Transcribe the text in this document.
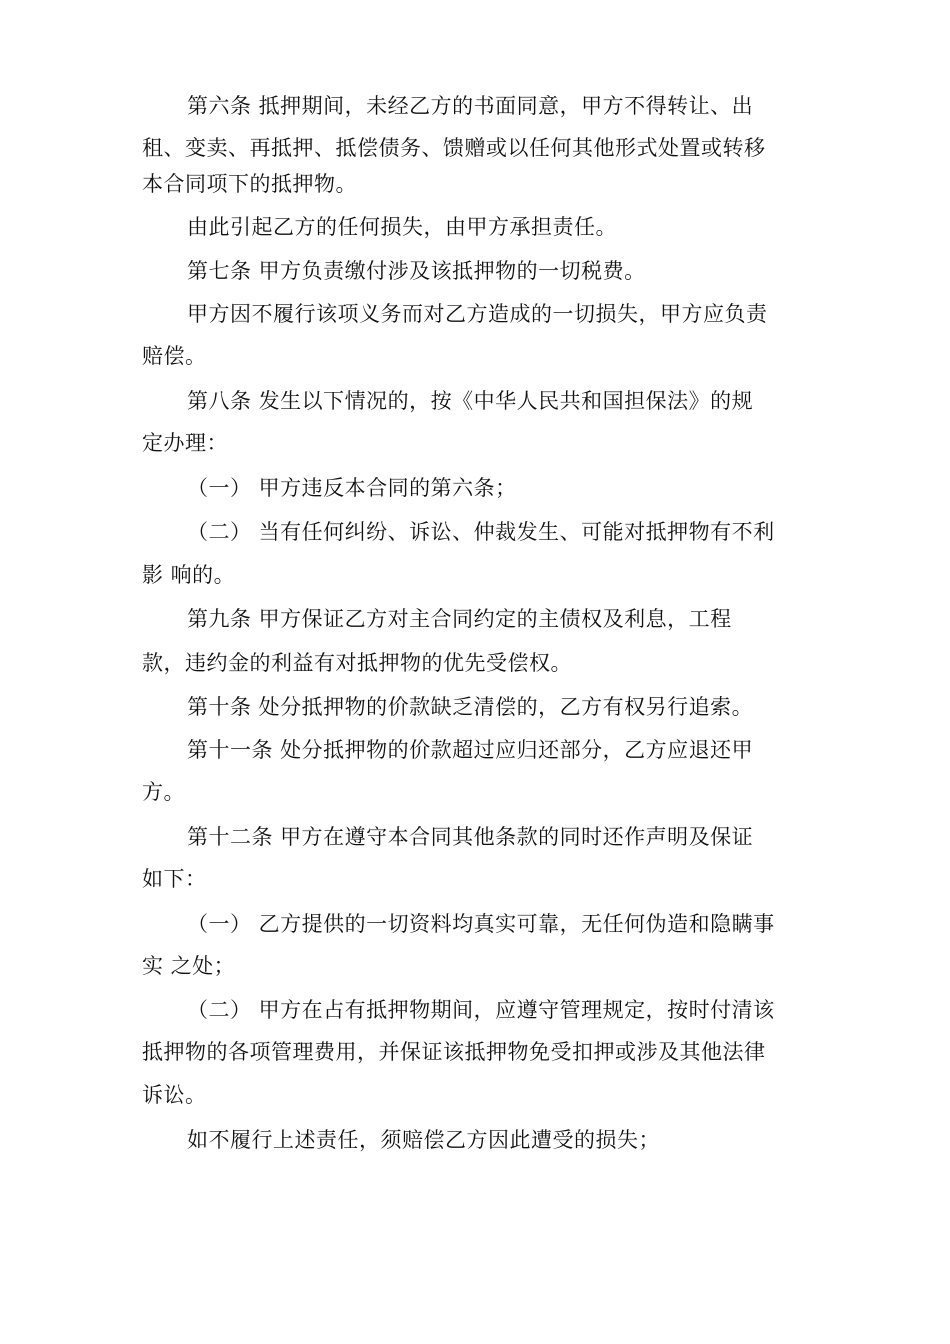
第六条 抵押期间，未经乙方的书面同意，甲方不得转让、出
租、变卖、再抵押、抵偿债务、馈赠或以任何其他形式处置或转移
本合同项下的抵押物。
由此引起乙方的任何损失，由甲方承担责任。
第七条 甲方负责缴付涉及该抵押物的一切税费。
甲方因不履行该项义务而对乙方造成的一切损失，甲方应负责
赔偿。
第八条 发生以下情况的，按《中华人民共和国担保法》的规
定办理：
（一） 甲方违反本合同的第六条；
（二） 当有任何纠纷、诉讼、仲裁发生、可能对抵押物有不利
影 响的。
第九条 甲方保证乙方对主合同约定的主债权及利息，工程
款，违约金的利益有对抵押物的优先受偿权。
第十条 处分抵押物的价款缺乏清偿的，乙方有权另行追索。
第十一条 处分抵押物的价款超过应归还部分，乙方应退还甲
方。
第十二条 甲方在遵守本合同其他条款的同时还作声明及保证
如下：
（一） 乙方提供的一切资料均真实可靠，无任何伪造和隐瞒事
实 之处；
（二） 甲方在占有抵押物期间，应遵守管理规定，按时付清该
抵押物的各项管理费用，并保证该抵押物免受扣押或涉及其他法律
诉讼。
如不履行上述责任，须赔偿乙方因此遭受的损失；
